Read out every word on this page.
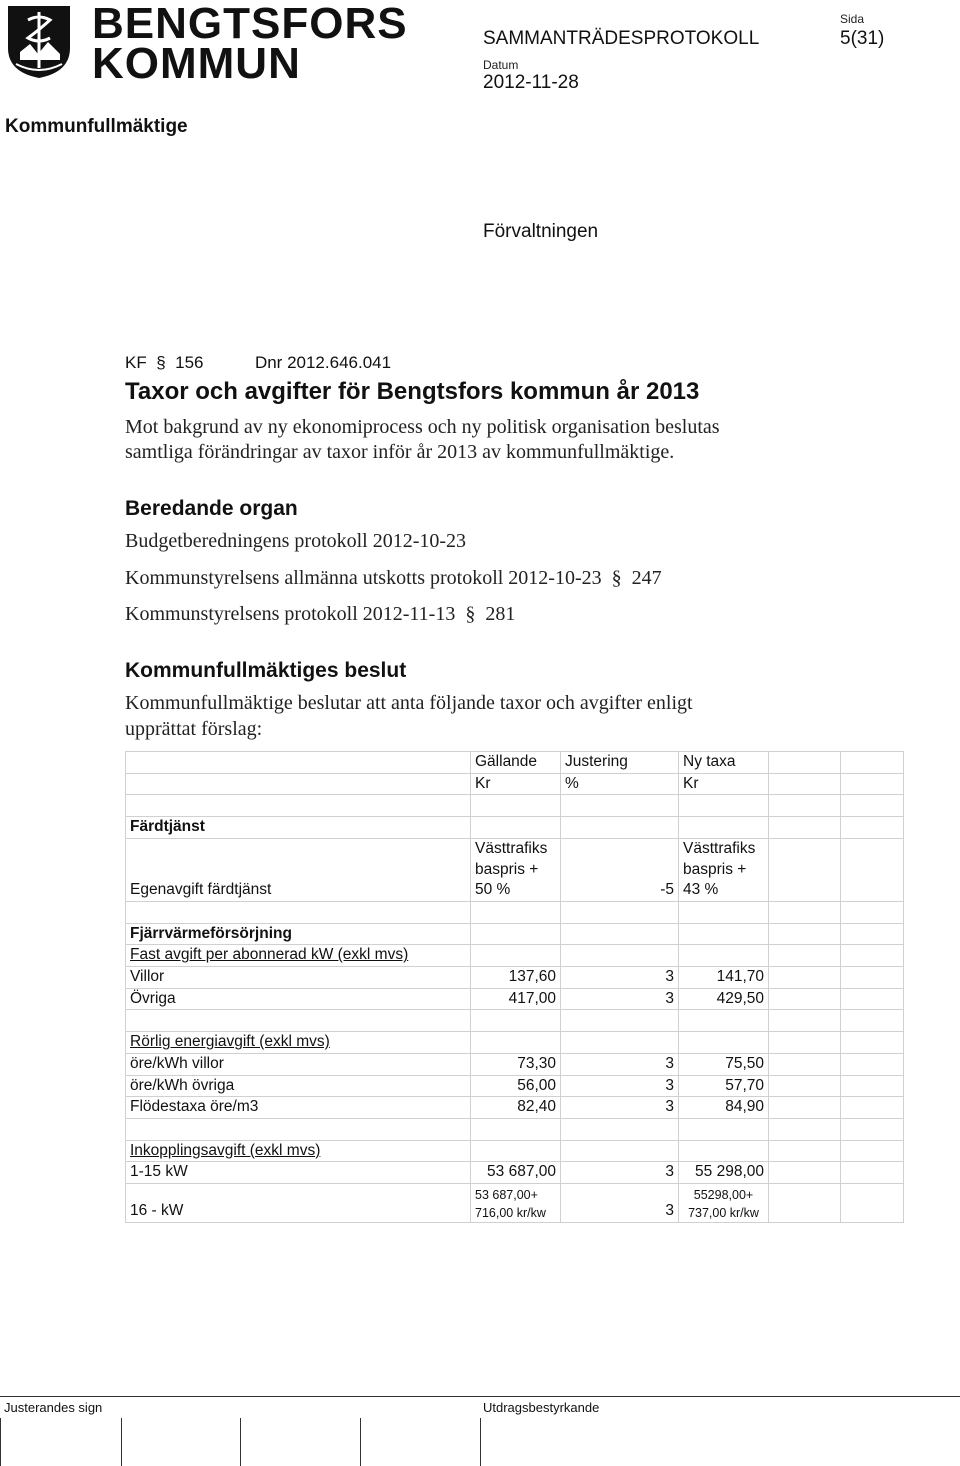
BENGTSFORS
KOMMUN
SAMMANTRÄDESPROTOKOLL
Sida
5(31)
Datum
2012-11-28
Kommunfullmäktige
Förvaltningen
KF  §  156	Dnr 2012.646.041
Taxor och avgifter för Bengtsfors kommun år 2013
Mot bakgrund av ny ekonomiprocess och ny politisk organisation beslutas
samtliga förändringar av taxor inför år 2013 av kommunfullmäktige.
Beredande organ
Budgetberedningens protokoll 2012-10-23
Kommunstyrelsens allmänna utskotts protokoll 2012-10-23  §  247
Kommunstyrelsens protokoll 2012-11-13  §  281
Kommunfullmäktiges beslut
Kommunfullmäktige beslutar att anta följande taxor och avgifter enligt
upprättat förslag:
	Gällande	Justering	Ny taxa		
	Kr	%	Kr		

Färdtjänst					
Egenavgift färdtjänst	Västtrafiks
baspris +
50 %	-5	Västtrafiks
baspris +
43 %		

Fjärrvärmeförsörjning					
Fast avgift per abonnerad kW (exkl mvs)					
Villor	137,60	3	141,70		
Övriga	417,00	3	429,50		

Rörlig energiavgift (exkl mvs)					
öre/kWh villor	73,30	3	75,50		
öre/kWh övriga	56,00	3	57,70		
Flödestaxa öre/m3	82,40	3	84,90		

Inkopplingsavgift (exkl mvs)					
1-15 kW	53 687,00	3	55 298,00		
16 - kW	53 687,00+
716,00 kr/kw	3	55298,00+
737,00 kr/kw		
Justerandes sign	Utdragsbestyrkande
